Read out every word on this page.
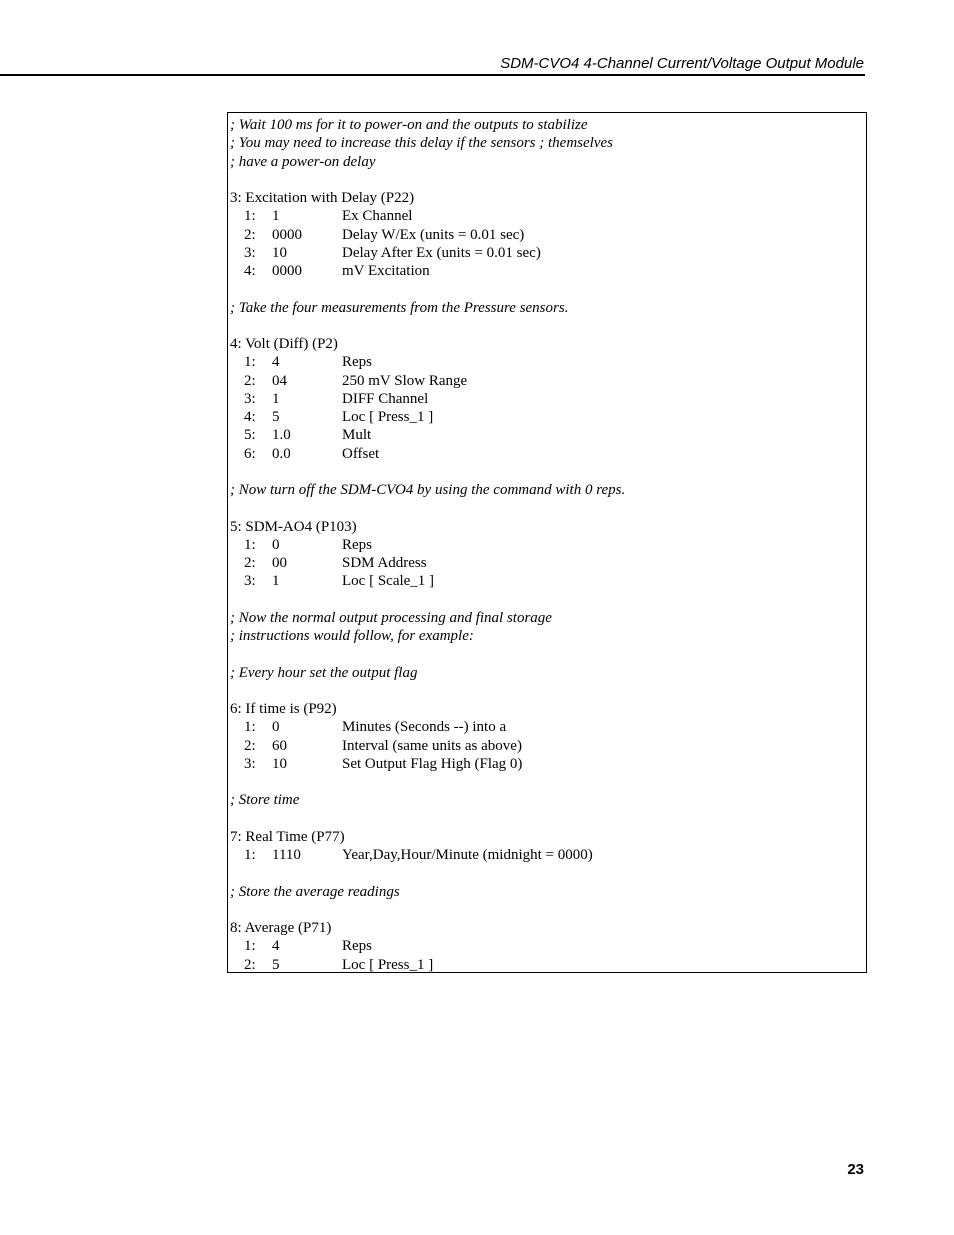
SDM-CVO4 4-Channel Current/Voltage Output Module
; Wait 100 ms for it to power-on and the outputs to stabilize
; You may need to increase this delay if the sensors ; themselves
; have a power-on delay
3: Excitation with Delay (P22)
1: 1	Ex Channel
2: 0000	Delay W/Ex (units = 0.01 sec)
3: 10	Delay After Ex (units = 0.01 sec)
4: 0000	mV Excitation
; Take the four measurements from the Pressure sensors.
4: Volt (Diff) (P2)
1: 4	Reps
2: 04	250 mV Slow Range
3: 1	DIFF Channel
4: 5	Loc [ Press_1 ]
5: 1.0	Mult
6: 0.0	Offset
; Now turn off the SDM-CVO4 by using the command with 0 reps.
5: SDM-AO4 (P103)
1: 0	Reps
2: 00	SDM Address
3: 1	Loc [ Scale_1 ]
; Now the normal output processing and final storage
; instructions would follow, for example:
; Every hour set the output flag
6: If time is (P92)
1: 0	Minutes (Seconds --) into a
2: 60	Interval (same units as above)
3: 10	Set Output Flag High (Flag 0)
; Store time
7: Real Time (P77)
1: 1110	Year,Day,Hour/Minute (midnight = 0000)
; Store the average readings
8: Average (P71)
1: 4	Reps
2: 5	Loc [ Press_1 ]
23
